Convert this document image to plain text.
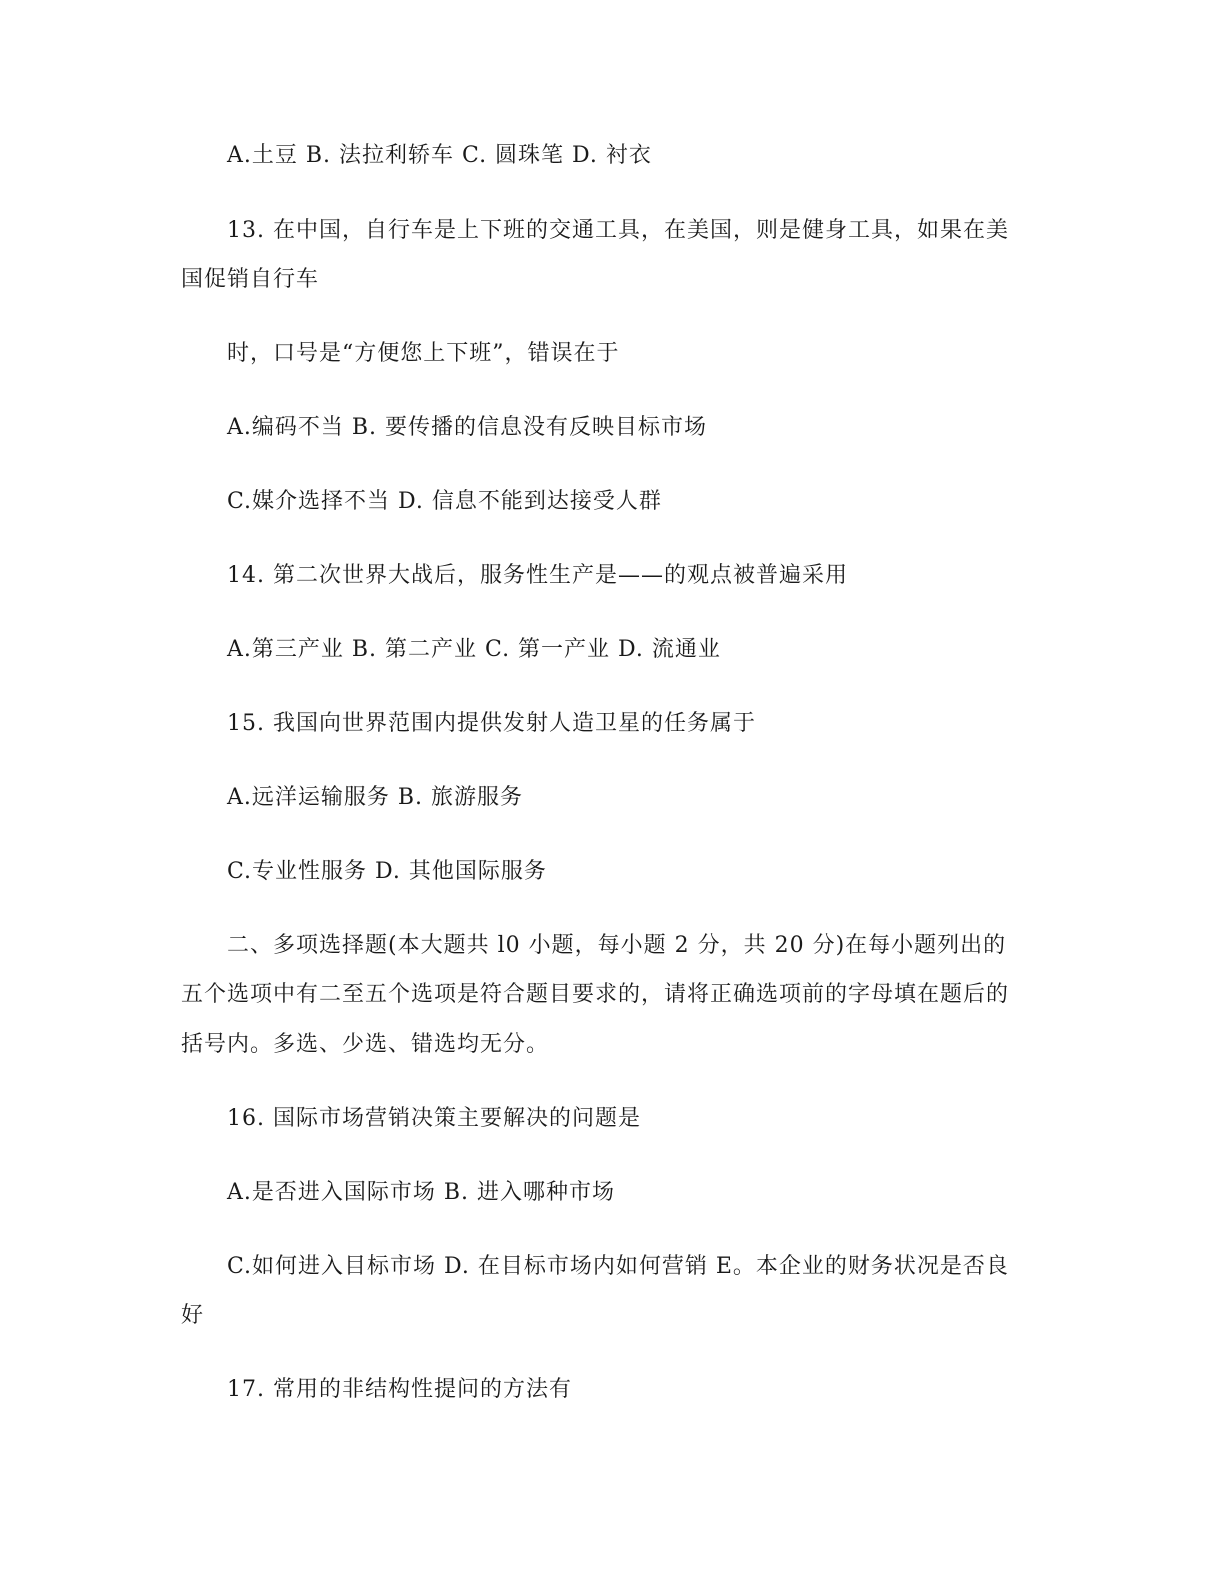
A.土豆 B. 法拉利轿车 C. 圆珠笔 D. 衬衣
13. 在中国，自行车是上下班的交通工具，在美国，则是健身工具，如果在美
国促销自行车
时，口号是“方便您上下班”，错误在于
A.编码不当 B. 要传播的信息没有反映目标市场
C.媒介选择不当 D. 信息不能到达接受人群
14. 第二次世界大战后，服务性生产是——的观点被普遍采用
A.第三产业 B. 第二产业 C. 第一产业 D. 流通业
15. 我国向世界范围内提供发射人造卫星的任务属于
A.远洋运输服务 B. 旅游服务
C.专业性服务 D. 其他国际服务
二、多项选择题(本大题共 l0 小题，每小题 2 分，共 20 分)在每小题列出的
五个选项中有二至五个选项是符合题目要求的，请将正确选项前的字母填在题后的
括号内。多选、少选、错选均无分。
16. 国际市场营销决策主要解决的问题是
A.是否进入国际市场 B. 进入哪种市场
C.如何进入目标市场 D. 在目标市场内如何营销 E。本企业的财务状况是否良
好
17. 常用的非结构性提问的方法有
